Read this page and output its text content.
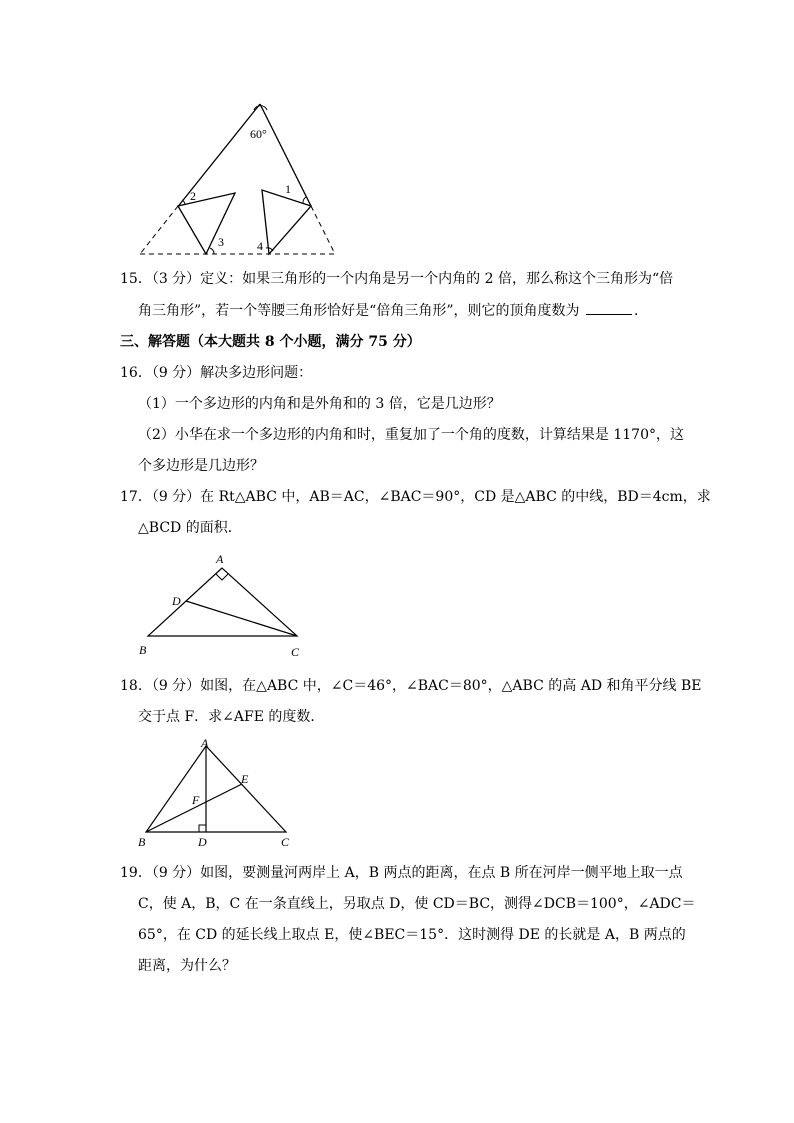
60°
2	1
3	4
15．（3 分）定义：如果三角形的一个内角是另一个内角的 2 倍，那么称这个三角形为“倍
角三角形”，若一个等腰三角形恰好是“倍角三角形”，则它的顶角度数为	．
三、解答题（本大题共 8 个小题，满分 75 分）
16．（9 分）解决多边形问题：
（1）一个多边形的内角和是外角和的 3 倍，它是几边形？
（2）小华在求一个多边形的内角和时，重复加了一个角的度数，计算结果是 1170°，这
个多边形是几边形？
17．（9 分）在 Rt△ABC 中，AB＝AC，∠BAC＝90°，CD 是△ABC 的中线，BD＝4cm，求
△BCD 的面积．
A
B	C
D
18．（9 分）如图，在△ABC 中，∠C＝46°，∠BAC＝80°，△ABC 的高 AD 和角平分线 BE
交于点 F．求∠AFE 的度数．
A
B	C
D
E
F
19．（9 分）如图，要测量河两岸上 A，B 两点的距离，在点 B 所在河岸一侧平地上取一点
C，使 A，B，C 在一条直线上，另取点 D，使 CD＝BC，测得∠DCB＝100°，∠ADC＝
65°，在 CD 的延长线上取点 E，使∠BEC＝15°．这时测得 DE 的长就是 A，B 两点的
距离，为什么？
